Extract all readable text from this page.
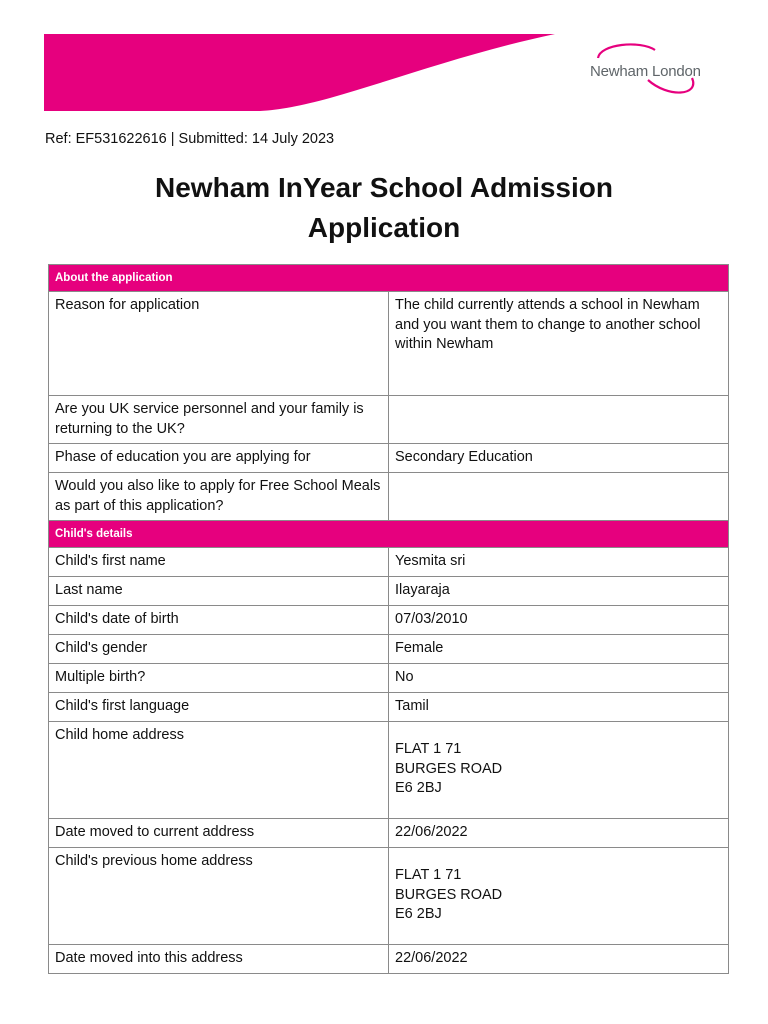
Newham London
Ref: EF531622616 | Submitted: 14 July 2023
Newham InYear School Admission
Application
About the application	
Reason for application	The child currently attends a school in Newham and you want them to change to another school within Newham
Are you UK service personnel and your family is returning to the UK?	
Phase of education you are applying for	Secondary Education
Would you also like to apply for Free School Meals as part of this application?	
Child's details	
Child's first name	Yesmita sri
Last name	Ilayaraja
Child's date of birth	07/03/2010
Child's gender	Female
Multiple birth?	No
Child's first language	Tamil
Child home address	FLAT 1 71
BURGES ROAD
E6 2BJ

Date moved to current address	22/06/2022
Child's previous home address	FLAT 1 71
BURGES ROAD
E6 2BJ

Date moved into this address	22/06/2022
